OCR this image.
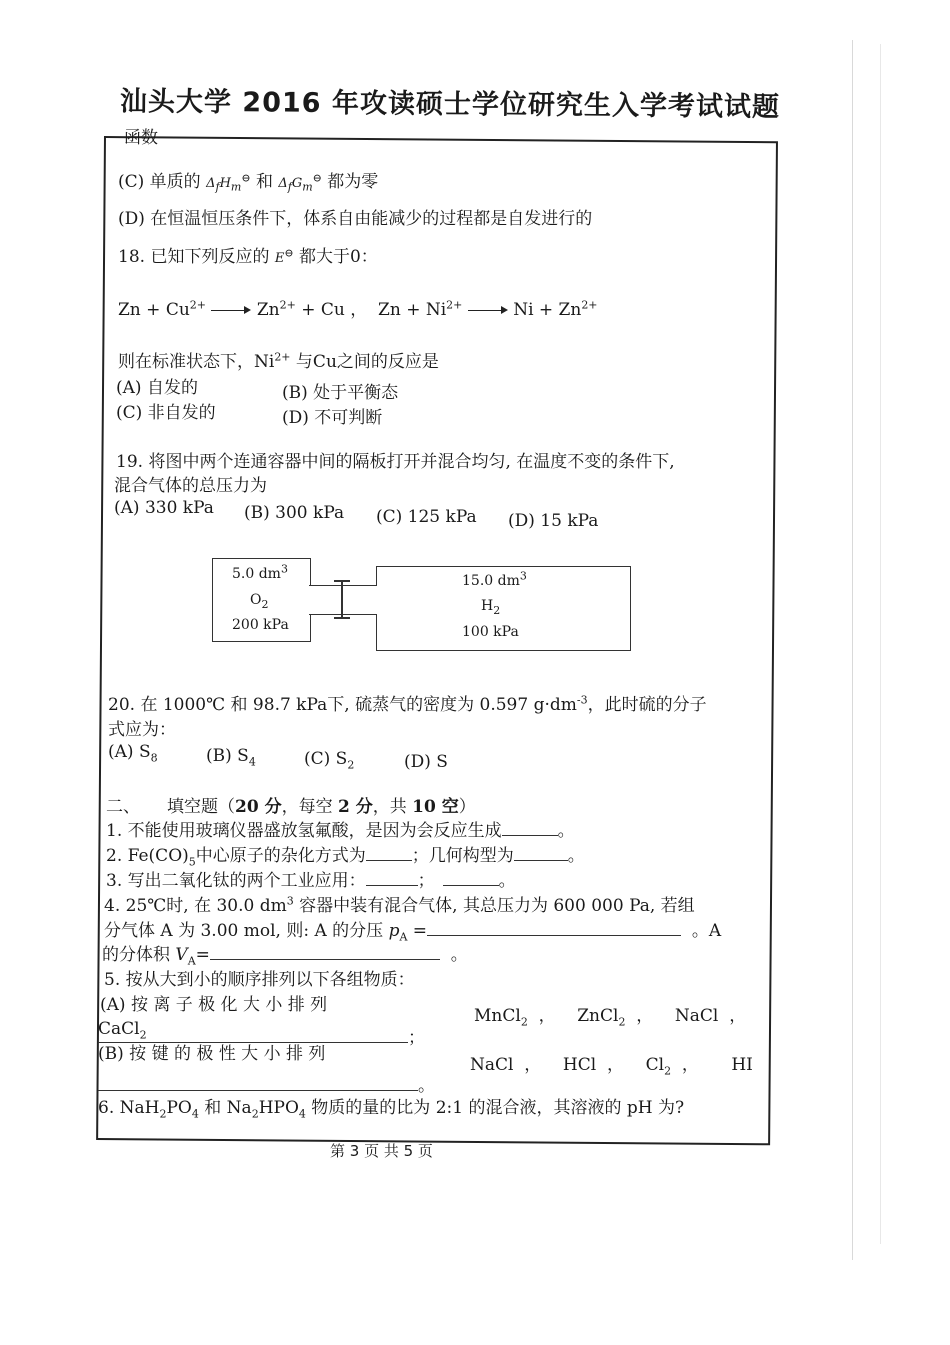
汕头大学 2016 年攻读硕士学位研究生入学考试试题
函数
(C) 单质的 $\Delta_fH_m^⊖$ 和 $\Delta_fG_m^⊖$ 都为零
(D) 在恒温恒压条件下，体系自由能减少的过程都是自发进行的
18. 已知下列反应的 E⊖ 都大于0：
$Zn + Cu^{2+}$	$Zn^{2+} + Cu$ ， $Zn + Ni^{2+}$	$Ni + Zn^{2+}$
则在标准状态下，$Ni^{2+}$ 与Cu之间的反应是
(A) 自发的	(B) 处于平衡态
(C) 非自发的	(D) 不可判断
19. 将图中两个连通容器中间的隔板打开并混合均匀, 在温度不变的条件下,
混合气体的总压力为
(A) 330 kPa (B) 300 kPa (C) 125 kPa (D) 15 kPa
5.0 $dm^3$
$O_2$
200 kPa
15.0 $dm^3$
$H_2$
100 kPa
20. 在 1000℃ 和 98.7 kPa下, 硫蒸气的密度为 0.597 $g\cdot dm^{-3}$，此时硫的分子
式应为：
(A) $S_8$	(B) $S_4$	(C) $S_2$	(D) S
二、 填空题（20 分，每空 2 分，共 10 空）
1. 不能使用玻璃仪器盛放氢氟酸，是因为会反应生成	。
2. $Fe(CO)_5$中心原子的杂化方式为	；几何构型为	。
3. 写出二氧化钛的两个工业应用：	；	。
4. 25℃时, 在 30.0 $dm^3$ 容器中装有混合气体, 其总压力为 600 000 Pa, 若组
分气体 A 为 3.00 mol, 则: A 的分压 $p_A$ =	。A
的分体积 $V_A=$	。
5. 按从大到小的顺序排列以下各组物质：
(A) 按 离 子 极 化 大 小 排 列
MnCl$_2$ ， ZnCl$_2$ ， NaCl ，
CaCl$_2$	；
(B) 按 键 的 极 性 大 小 排 列
NaCl ， HCl ， $Cl_2$ ， HI
。
6. $NaH_2PO_4$ 和 $Na_2HPO_4$ 物质的量的比为 2:1 的混合液，其溶液的 pH 为?
第 3 页 共 5 页
